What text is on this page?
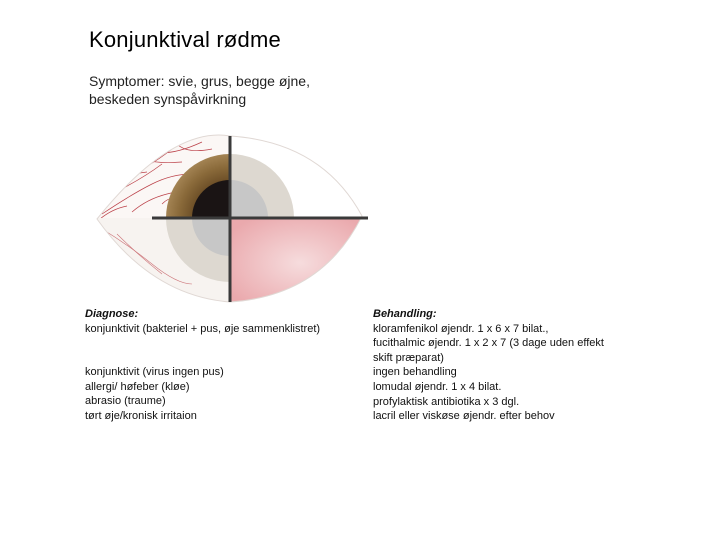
Konjunktival rødme
Symptomer: svie, grus, begge øjne,
beskeden synspåvirkning
Diagnose:
konjunktivit (bakteriel + pus, øje sammenklistret)
konjunktivit (virus ingen pus)
allergi/ høfeber (kløe)
abrasio (traume)
tørt øje/kronisk irritaion
Behandling:
kloramfenikol øjendr. 1 x 6 x 7 bilat.,
fucithalmic øjendr. 1 x 2 x 7 (3 dage uden effekt
skift præparat)
ingen behandling
lomudal øjendr. 1 x 4 bilat.
profylaktisk antibiotika x 3 dgl.
lacril eller viskøse øjendr. efter behov
